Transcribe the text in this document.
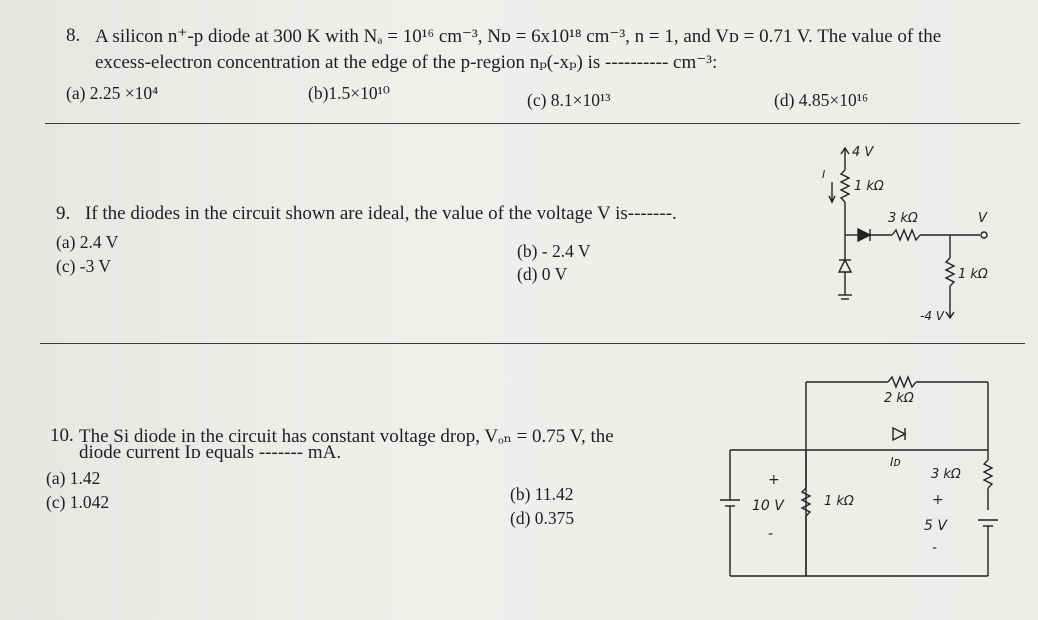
8. A silicon n⁺-p diode at 300 K with Nₐ = 10¹⁶ cm⁻³, Nᴅ = 6x10¹⁸ cm⁻³, n = 1, and Vᴅ = 0.71 V. The value of the
excess-electron concentration at the edge of the p-region nₚ(-xₚ) is ---------- cm⁻³:
(a) 2.25 ×10⁴	(b)1.5×10¹⁰	(c) 8.1×10¹³	(d) 4.85×10¹⁶
9. If the diodes in the circuit shown are ideal, the value of the voltage V is-------.
(a) 2.4 V	(b) - 2.4 V
(c) -3 V	(d) 0 V
4 V
1 kΩ
I
3 kΩ	V
1 kΩ
-4 V
10. The Si diode in the circuit has constant voltage drop, Vₒₙ = 0.75 V, the
diode current Iᴅ equals ------- mA.
(a) 1.42
(b) 11.42
(c) 1.042
(d) 0.375
2 kΩ
Iᴅ
+
10 V
-
1 kΩ
3 kΩ
+
5 V
-
